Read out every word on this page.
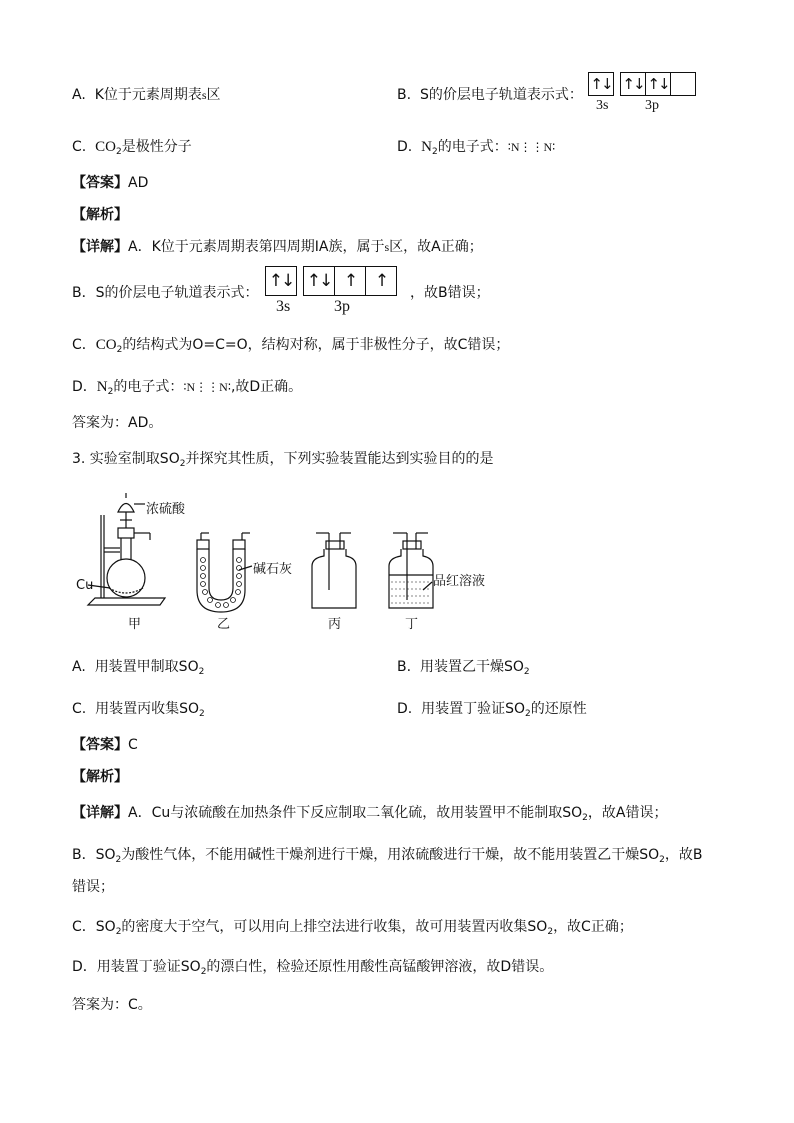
A. K位于元素周期表s区	B. S的价层电子轨道表示式：
↑↓ ↑↓ ↑↓
3s	3p
C. $CO_2$是极性分子	D. $N_2$的电子式：∶N⋮⋮N∶
【答案】AD
【解析】
【详解】A．K位于元素周期表第四周期ⅠA族，属于s区，故A正确；
B．S的价层电子轨道表示式：
↑↓ ↑↓ ↑	↑
3s	3p
，故B错误；
C．$CO_2$的结构式为O=C=O，结构对称，属于非极性分子，故C错误；
D．$N_2$的电子式：∶N⋮⋮N∶,故D正确。
答案为：AD。
3. 实验室制取$SO_2$并探究其性质，下列实验装置能达到实验目的的是
浓硫酸
Cu
碱石灰
品红溶液
甲	乙	丙	丁
A. 用装置甲制取$SO_2$	B. 用装置乙干燥$SO_2$
C. 用装置丙收集$SO_2$	D. 用装置丁验证$SO_2$的还原性
【答案】C
【解析】
【详解】A．Cu与浓硫酸在加热条件下反应制取二氧化硫，故用装置甲不能制取$SO_2$，故A错误；
B．$SO_2$为酸性气体，不能用碱性干燥剂进行干燥，用浓硫酸进行干燥，故不能用装置乙干燥$SO_2$，故B
错误；
C．$SO_2$的密度大于空气，可以用向上排空法进行收集，故可用装置丙收集$SO_2$，故C正确；
D．用装置丁验证$SO_2$的漂白性，检验还原性用酸性高锰酸钾溶液，故D错误。
答案为：C。
